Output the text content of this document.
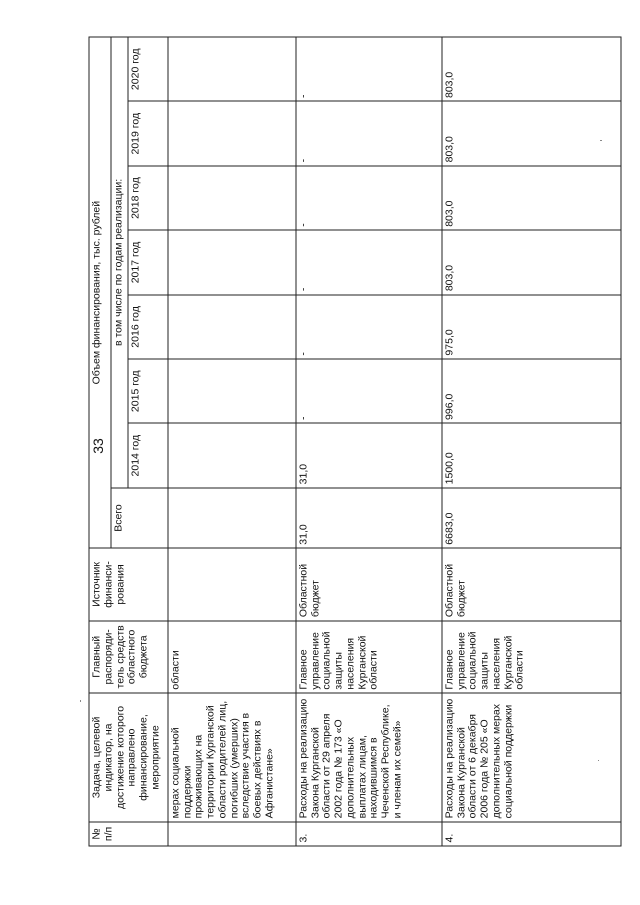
33
№ п/п	Задача, целевой индикатор, на достижение которого направлено финансирование, мероприятие	Главный распоряди-тель средств областного бюджета	Источник финанси-рования	Объем финансирования, тыс. рублей							
				Всего	в том числе по годам реализации:						
					2014 год	2015 год	2016 год	2017 год	2018 год	2019 год	2020 год
	мерах социальной поддержки проживающих на территории Курганской области родителей лиц, погибших (умерших) вследствие участия в боевых действиях в Афганистане»	области									
3.	Расходы на реализацию Закона Курганской области от 29 апреля 2002 года № 173 «О дополнительных выплатах лицам, находившимся в Чеченской Республике, и членам их семей»	Главное управление социальной защиты населения Курганской области	Областной бюджет	31,0	31,0	-	-	-	-	-	-
4.	Расходы на реализацию Закона Курганской области от 6 декабря 2006 года № 205 «О дополнительных мерах социальной поддержки	Главное управление социальной защиты населения Курганской области	Областной бюджет	6683,0	1500,0	996,0	975,0	803,0	803,0	803,0	803,0
